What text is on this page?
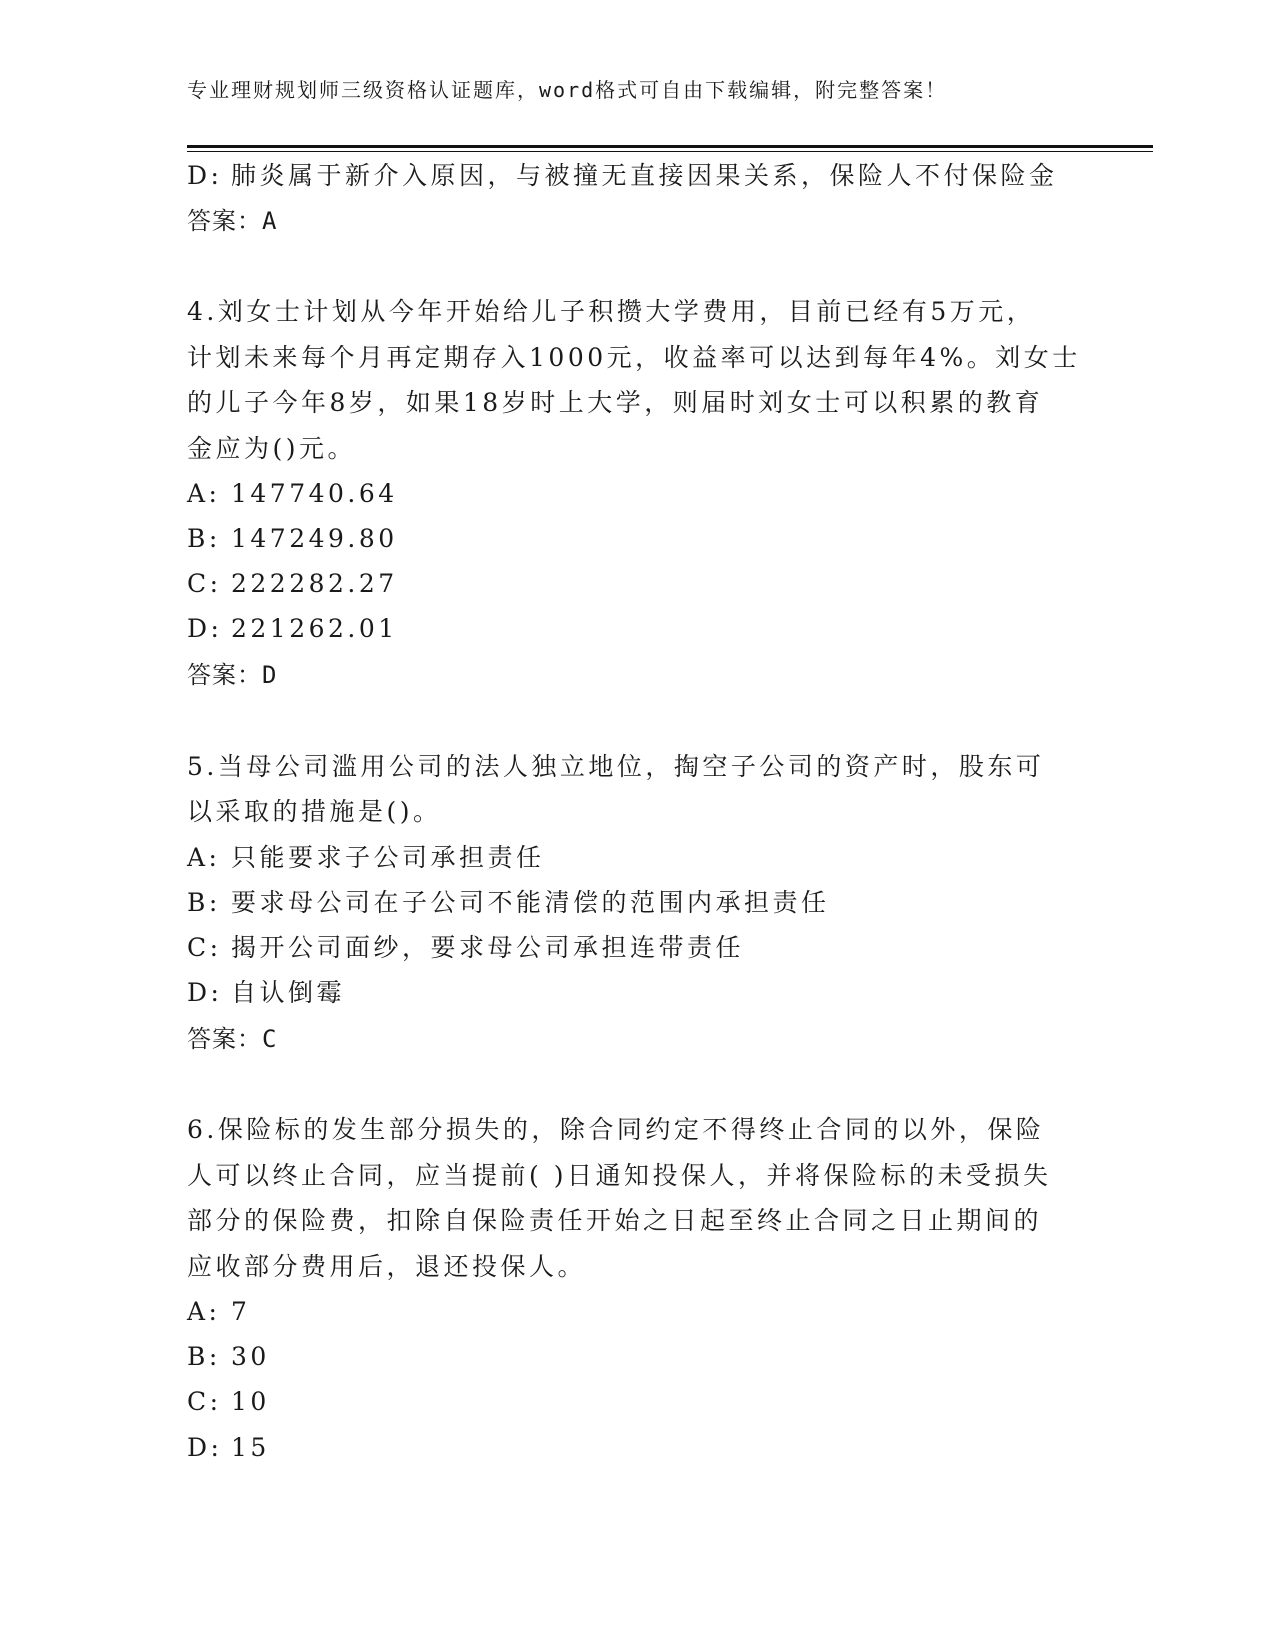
专业理财规划师三级资格认证题库，word格式可自由下载编辑，附完整答案！
D: 肺炎属于新介入原因，与被撞无直接因果关系，保险人不付保险金
答案：A
4.刘女士计划从今年开始给儿子积攒大学费用，目前已经有5万元，
计划未来每个月再定期存入1000元，收益率可以达到每年4%。刘女士
的儿子今年8岁，如果18岁时上大学，则届时刘女士可以积累的教育
金应为()元。
A: 147740.64
B: 147249.80
C: 222282.27
D: 221262.01
答案：D
5.当母公司滥用公司的法人独立地位，掏空子公司的资产时，股东可
以采取的措施是()。
A: 只能要求子公司承担责任
B: 要求母公司在子公司不能清偿的范围内承担责任
C: 揭开公司面纱，要求母公司承担连带责任
D: 自认倒霉
答案：C
6.保险标的发生部分损失的，除合同约定不得终止合同的以外，保险
人可以终止合同，应当提前( )日通知投保人，并将保险标的未受损失
部分的保险费，扣除自保险责任开始之日起至终止合同之日止期间的
应收部分费用后，退还投保人。
A: 7
B: 30
C: 10
D: 15
